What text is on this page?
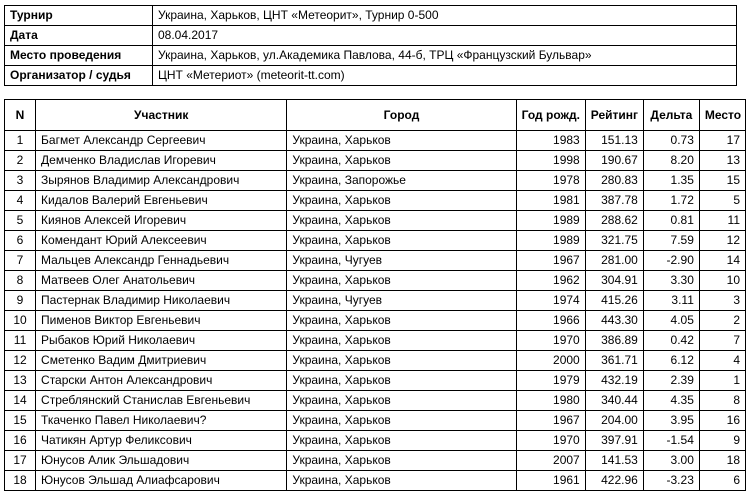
Турнир	Украина, Харьков, ЦНТ «Метеорит», Турнир 0-500
Дата	08.04.2017
Место проведения	Украина, Харьков, ул.Академика Павлова, 44-б, ТРЦ «Французский Бульвар»
Организатор / судья	ЦНТ «Метериот» (meteorit-tt.com)
N	Участник	Город	Год рожд.	Рейтинг	Дельта	Место
1	Багмет Александр Сергеевич	Украина, Харьков	1983	151.13	0.73	17
2	Демченко Владислав Игоревич	Украина, Харьков	1998	190.67	8.20	13
3	Зырянов Владимир Александрович	Украина, Запорожье	1978	280.83	1.35	15
4	Кидалов Валерий Евгеньевич	Украина, Харьков	1981	387.78	1.72	5
5	Киянов Алексей Игоревич	Украина, Харьков	1989	288.62	0.81	11
6	Комендант Юрий Алексеевич	Украина, Харьков	1989	321.75	7.59	12
7	Мальцев Александр Геннадьевич	Украина, Чугуев	1967	281.00	-2.90	14
8	Матвеев Олег Анатольевич	Украина, Харьков	1962	304.91	3.30	10
9	Пастернак Владимир Николаевич	Украина, Чугуев	1974	415.26	3.11	3
10	Пименов Виктор Евгеньевич	Украина, Харьков	1966	443.30	4.05	2
11	Рыбаков Юрий Николаевич	Украина, Харьков	1970	386.89	0.42	7
12	Сметенко Вадим Дмитриевич	Украина, Харьков	2000	361.71	6.12	4
13	Старски Антон Александрович	Украина, Харьков	1979	432.19	2.39	1
14	Стреблянский Станислав Евгеньевич	Украина, Харьков	1980	340.44	4.35	8
15	Ткаченко Павел Николаевич?	Украина, Харьков	1967	204.00	3.95	16
16	Чатикян Артур Феликсович	Украина, Харьков	1970	397.91	-1.54	9
17	Юнусов Алик Эльшадович	Украина, Харьков	2007	141.53	3.00	18
18	Юнусов Эльшад Алиафсарович	Украина, Харьков	1961	422.96	-3.23	6
